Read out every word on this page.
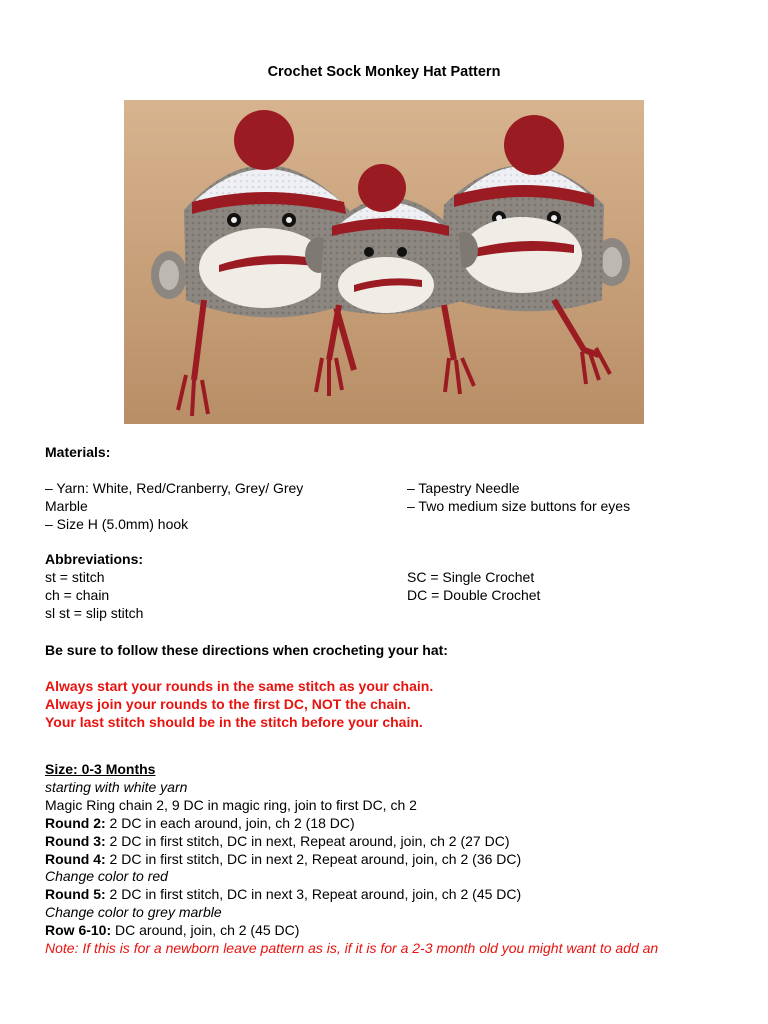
Crochet Sock Monkey Hat Pattern
Materials:
– Yarn: White, Red/Cranberry, Grey/ Grey
Marble
– Size H (5.0mm) hook
– Tapestry Needle
– Two medium size buttons for eyes
Abbreviations:
st = stitch
ch = chain
sl st = slip stitch
SC = Single Crochet
DC = Double Crochet
Be sure to follow these directions when crocheting your hat:
Always start your rounds in the same stitch as your chain.
Always join your rounds to the first DC, NOT the chain.
Your last stitch should be in the stitch before your chain.
Size: 0-3 Months
starting with white yarn
Magic Ring chain 2, 9 DC in magic ring, join to first DC, ch 2
Round 2: 2 DC in each around, join, ch 2 (18 DC)
Round 3: 2 DC in first stitch, DC in next, Repeat around, join, ch 2 (27 DC)
Round 4: 2 DC in first stitch, DC in next 2, Repeat around, join, ch 2 (36 DC)
Change color to red
Round 5: 2 DC in first stitch, DC in next 3, Repeat around, join, ch 2 (45 DC)
Change color to grey marble
Row 6-10: DC around, join, ch 2 (45 DC)
Note: If this is for a newborn leave pattern as is, if it is for a 2-3 month old you might want to add an
